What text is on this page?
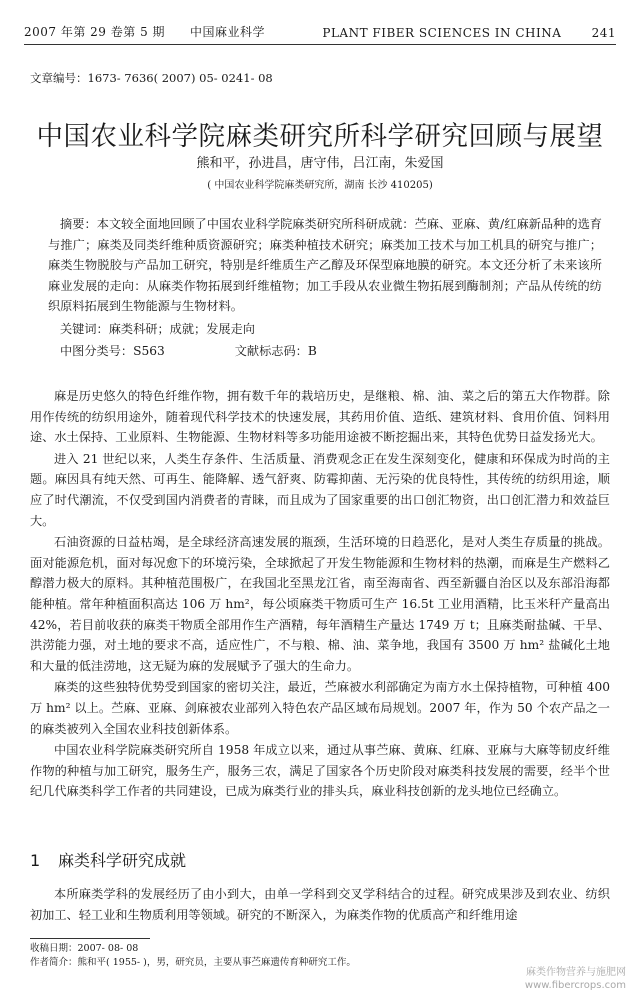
2007 年第 29 卷第 5 期　　中国麻业科学	PLANT FIBER SCIENCES IN CHINA	241
文章编号：1673- 7636( 2007) 05- 0241- 08
中国农业科学院麻类研究所科学研究回顾与展望
熊和平，孙进昌，唐守伟，吕江南，朱爱国
( 中国农业科学院麻类研究所，湖南 长沙 410205)
摘要：本文较全面地回顾了中国农业科学院麻类研究所科研成就：苎麻、亚麻、黄/红麻新品种的选育与推广；麻类及同类纤维种质资源研究；麻类种植技术研究；麻类加工技术与加工机具的研究与推广；麻类生物脱胶与产品加工研究，特别是纤维质生产乙醇及环保型麻地膜的研究。本文还分析了未来该所麻业发展的走向：从麻类作物拓展到纤维植物；加工手段从农业微生物拓展到酶制剂；产品从传统的纺织原料拓展到生物能源与生物材料。
关键词：麻类科研；成就；发展走向
中图分类号：S563	文献标志码：B

麻是历史悠久的特色纤维作物，拥有数千年的栽培历史，是继粮、棉、油、菜之后的第五大作物群。除用作传统的纺织用途外，随着现代科学技术的快速发展，其药用价值、造纸、建筑材料、食用价值、饲料用途、水土保持、工业原料、生物能源、生物材料等多功能用途被不断挖掘出来，其特色优势日益发扬光大。

进入 21 世纪以来，人类生存条件、生活质量、消费观念正在发生深刻变化，健康和环保成为时尚的主题。麻因具有纯天然、可再生、能降解、透气舒爽、防霉抑菌、无污染的优良特性，其传统的纺织用途，顺应了时代潮流，不仅受到国内消费者的青睐，而且成为了国家重要的出口创汇物资，出口创汇潜力和效益巨大。

石油资源的日益枯竭，是全球经济高速发展的瓶颈，生活环境的日趋恶化，是对人类生存质量的挑战。面对能源危机，面对每况愈下的环境污染，全球掀起了开发生物能源和生物材料的热潮，而麻是生产燃料乙醇潜力极大的原料。其种植范围极广，在我国北至黑龙江省，南至海南省、西至新疆自治区以及东部沿海都能种植。常年种植面积高达 106 万 hm²，每公顷麻类干物质可生产 16.5t 工业用酒精，比玉米秆产量高出 42%，若目前收获的麻类干物质全部用作生产酒精，每年酒精生产量达 1749 万 t；且麻类耐盐碱、干旱、洪涝能力强，对土地的要求不高，适应性广，不与粮、棉、油、菜争地，我国有 3500 万 hm² 盐碱化土地和大量的低洼涝地，这无疑为麻的发展赋予了强大的生命力。

麻类的这些独特优势受到国家的密切关注，最近，苎麻被水利部确定为南方水土保持植物，可种植 400 万 hm² 以上。苎麻、亚麻、剑麻被农业部列入特色农产品区域布局规划。2007 年，作为 50 个农产品之一的麻类被列入全国农业科技创新体系。

中国农业科学院麻类研究所自 1958 年成立以来，通过从事苎麻、黄麻、红麻、亚麻与大麻等韧皮纤维作物的种植与加工研究，服务生产，服务三农，满足了国家各个历史阶段对麻类科技发展的需要，经半个世纪几代麻类科学工作者的共同建设，已成为麻类行业的排头兵，麻业科技创新的龙头地位已经确立。

1 麻类科学研究成就

本所麻类学科的发展经历了由小到大，由单一学科到交叉学科结合的过程。研究成果涉及到农业、纺织初加工、轻工业和生物质利用等领域。研究的不断深入，为麻类作物的优质高产和纤维用途

收稿日期：2007- 08- 08
作者简介：熊和平( 1955- )，男，研究员，主要从事苎麻遗传育种研究工作。
麻类作物营养与施肥网
www.fibercrops.com
